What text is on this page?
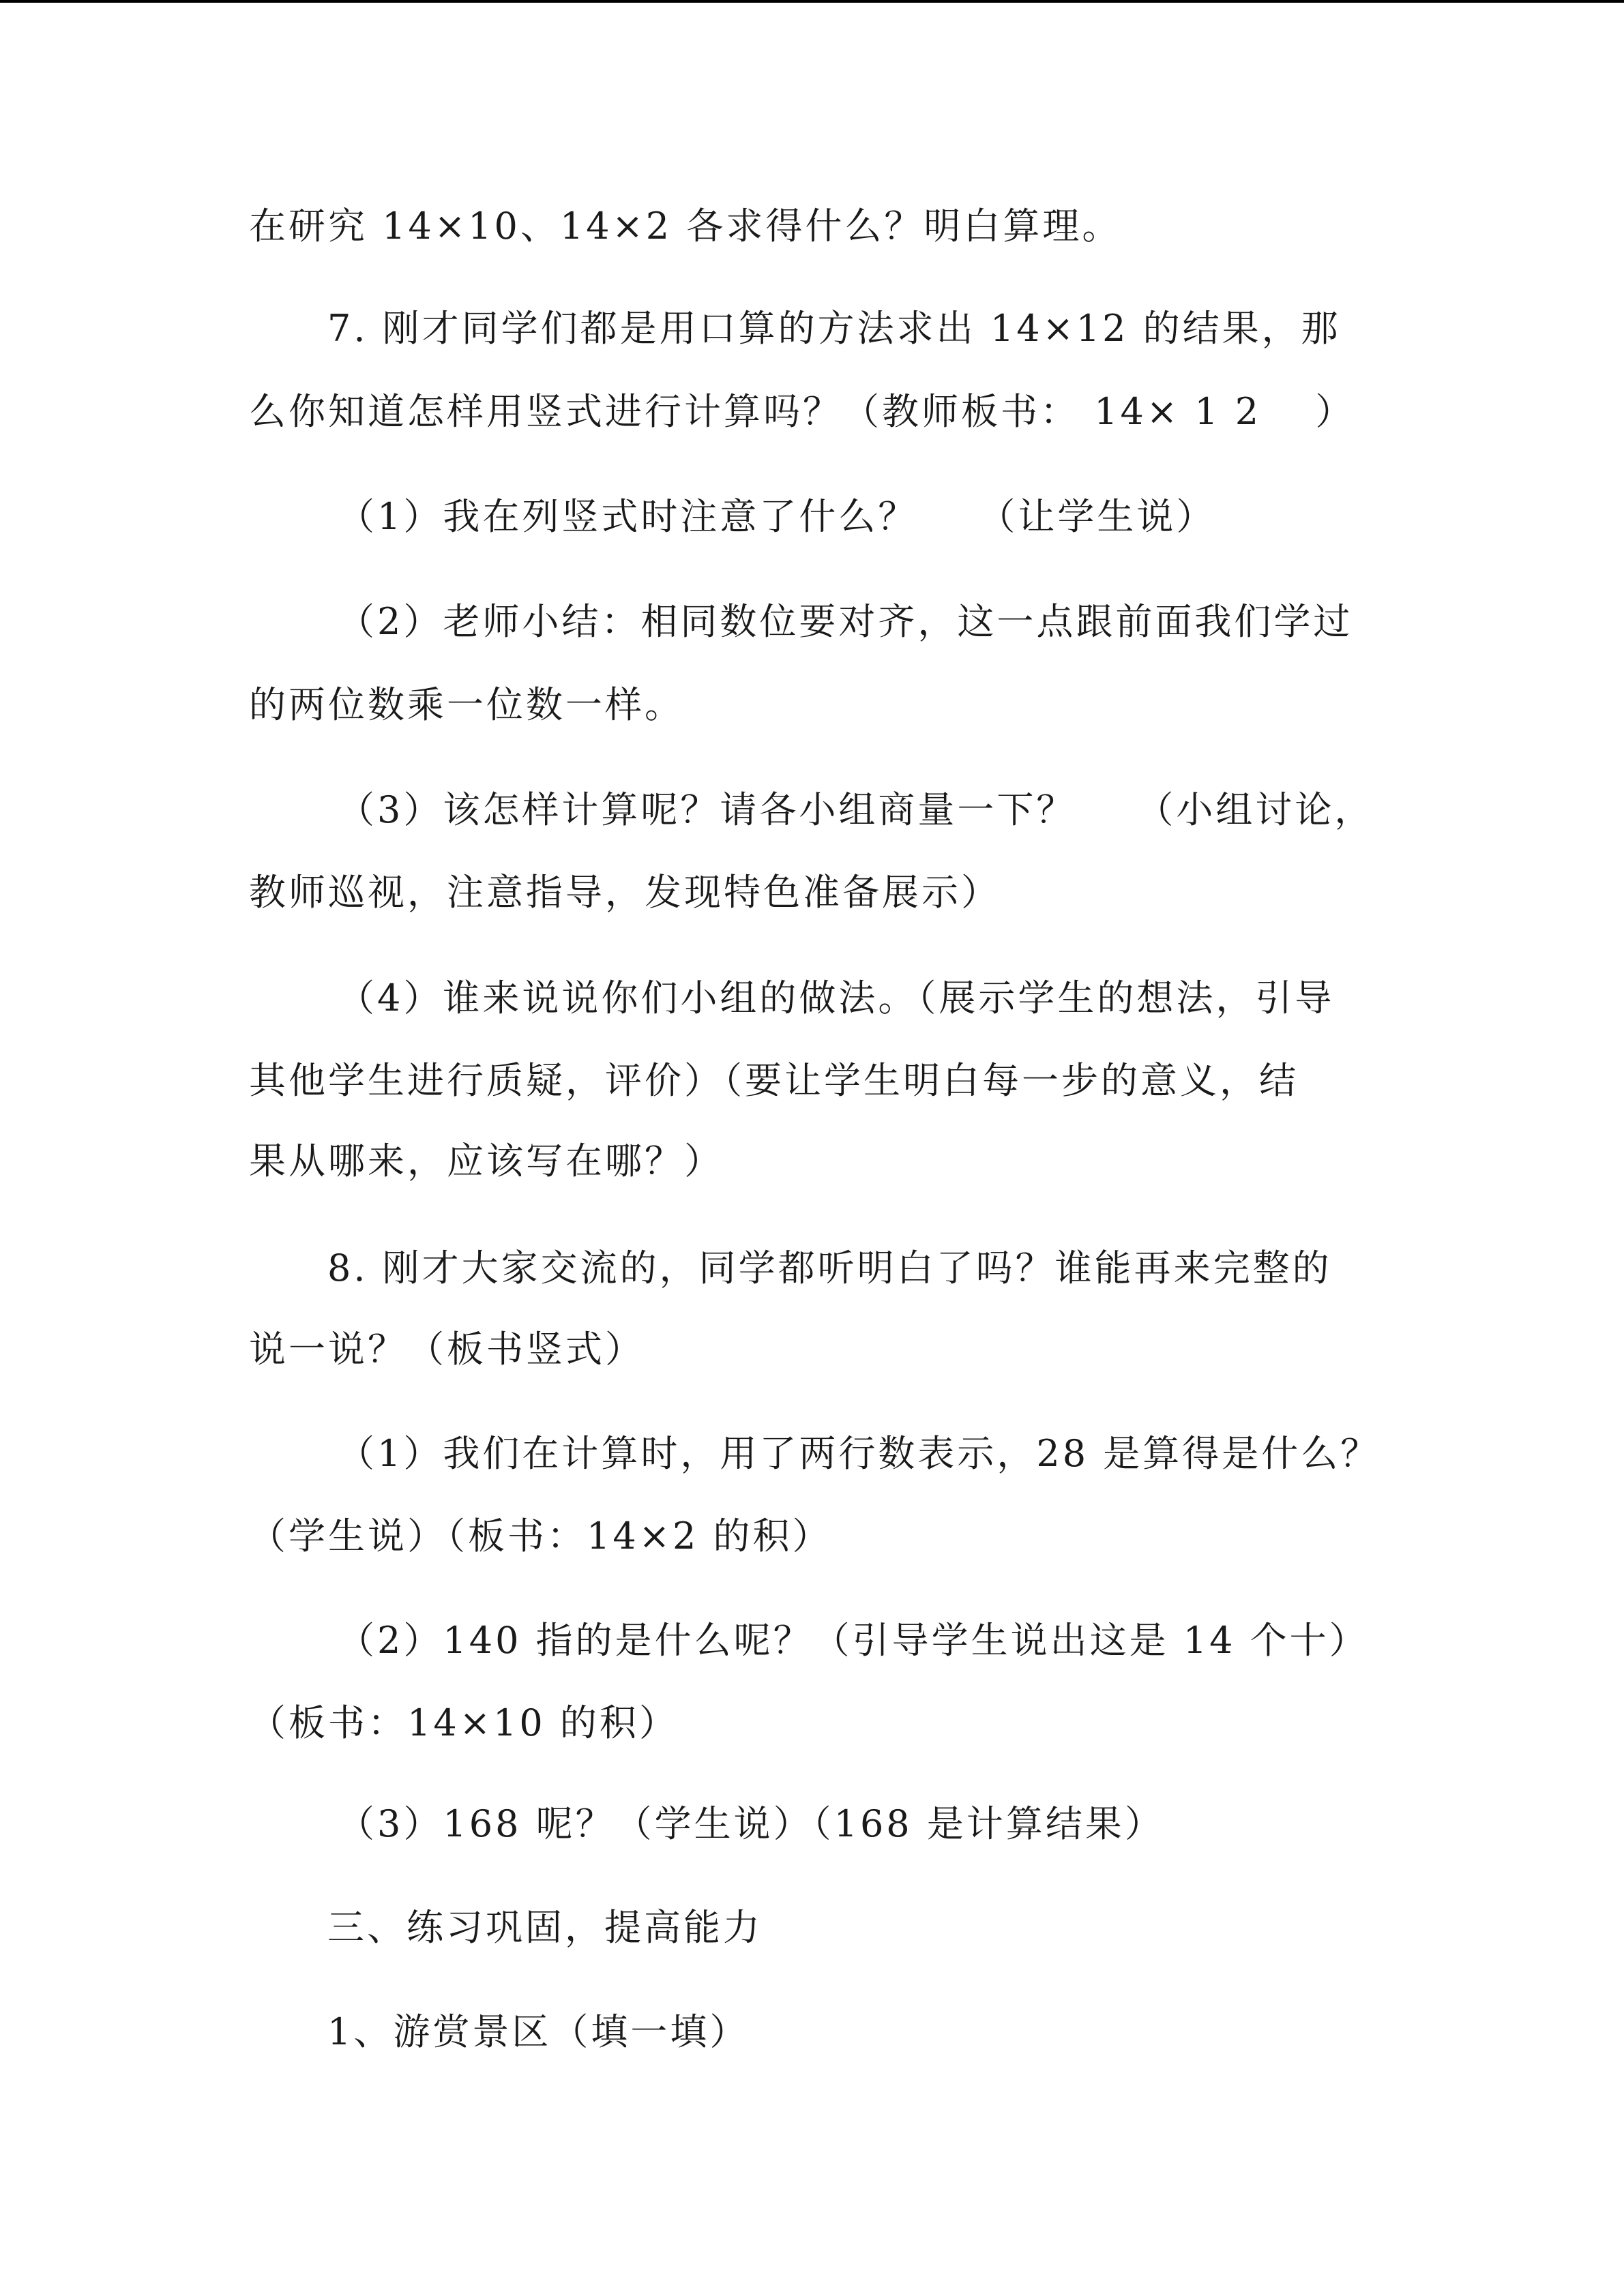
在研究 14×10、14×2 各求得什么？明白算理。
7. 刚才同学们都是用口算的方法求出 14×12 的结果，那
么你知道怎样用竖式进行计算吗？（教师板书： 14× 1 2 　）
（1）我在列竖式时注意了什么？　　（让学生说）
（2）老师小结：相同数位要对齐，这一点跟前面我们学过
的两位数乘一位数一样。
（3）该怎样计算呢？请各小组商量一下？　　（小组讨论，
教师巡视，注意指导，发现特色准备展示）
（4）谁来说说你们小组的做法。（展示学生的想法，引导
其他学生进行质疑，评价）（要让学生明白每一步的意义，结
果从哪来，应该写在哪？）
8. 刚才大家交流的，同学都听明白了吗？谁能再来完整的
说一说？（板书竖式）
（1）我们在计算时，用了两行数表示，28 是算得是什么？
（学生说）（板书：14×2 的积）
（2）140 指的是什么呢？（引导学生说出这是 14 个十）
（板书：14×10 的积）
（3）168 呢？（学生说）（168 是计算结果）
三、练习巩固，提高能力
1、游赏景区（填一填）
